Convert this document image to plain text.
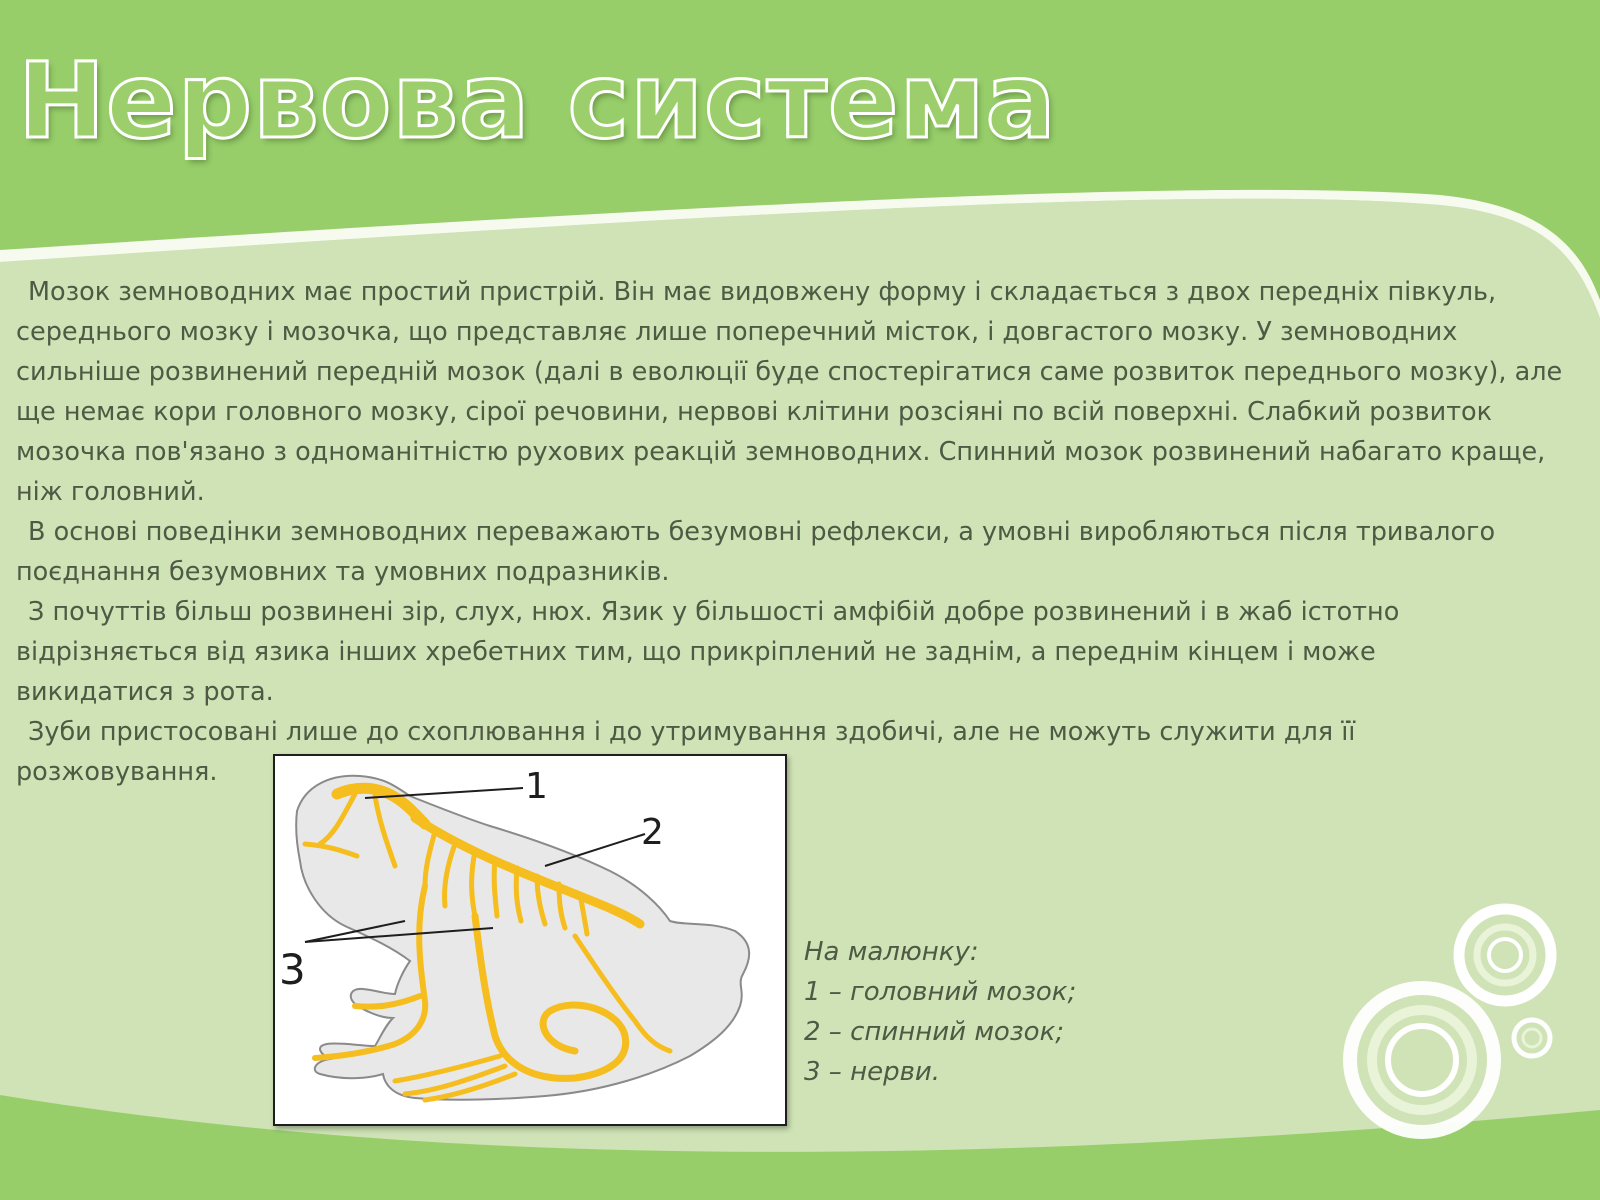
Нервова система

Мозок земноводних має простий пристрій. Він має видовжену форму і складається з двох передніх півкуль, середнього мозку і мозочка, що представляє лише поперечний місток, і довгастого мозку. У земноводних сильніше розвинений передній мозок (далі в еволюції буде спостерігатися саме розвиток переднього мозку), але ще немає кори головного мозку, сірої речовини, нервові клітини розсіяні по всій поверхні. Слабкий розвиток мозочка пов'язано з одноманітністю рухових реакцій земноводних. Спинний мозок розвинений набагато краще, ніж головний.

В основі поведінки земноводних переважають безумовні рефлекси, а умовні виробляються після тривалого поєднання безумовних та умовних подразників.

З почуттів більш розвинені зір, слух, нюх. Язик у більшості амфібій добре розвинений і в жаб істотно відрізняється від язика інших хребетних тим, що прикріплений не заднім, а переднім кінцем і може викидатися з рота.

Зуби пристосовані лише до схоплювання і до утримування здобичі, але не можуть служити для її розжовування.	1
2
3	На малюнку:
1 – головний мозок;
2 – спинний мозок;
3 – нерви.
